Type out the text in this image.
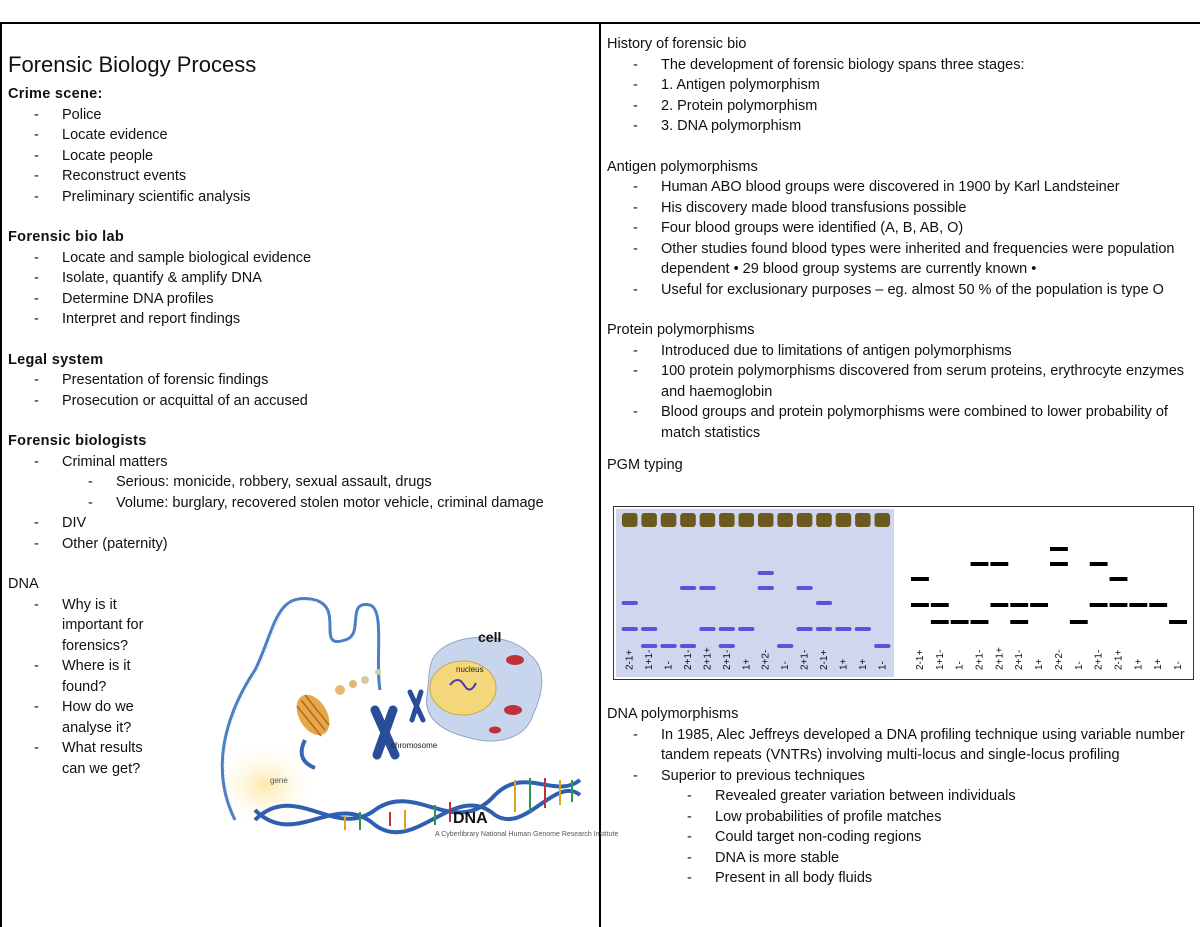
Forensic Biology Process

Crime scene:

- Police
- Locate evidence
- Locate people
- Reconstruct events
- Preliminary scientific analysis

Forensic bio lab

- Locate and sample biological evidence
- Isolate, quantify & amplify DNA
- Determine DNA profiles
- Interpret and report findings

Legal system

- Presentation of forensic findings
- Prosecution or acquittal of an accused

Forensic biologists

- Criminal matters
- Serious: monicide, robbery, sexual assault, drugs
- Volume: burglary, recovered stolen motor vehicle, criminal damage
- DIV
- Other (paternity)

DNA

- Why is it important for forensics?
- Where is it found?
- How do we analyse it?
- What results can we get?
chromosome
cell
nucleus
gene
DNA
A Cyberlibrary National Human Genome Research Institute

History of forensic bio

- The development of forensic biology spans three stages:
- 1. Antigen polymorphism
- 2. Protein polymorphism
- 3. DNA polymorphism

Antigen polymorphisms

- Human ABO blood groups were discovered in 1900 by Karl Landsteiner
- His discovery made blood transfusions possible
- Four blood groups were identified (A, B, AB, O)
- Other studies found blood types were inherited and frequencies were population dependent • 29 blood group systems are currently known •
- Useful for exclusionary purposes – eg. almost 50 % of the population is type O

Protein polymorphisms

- Introduced due to limitations of antigen polymorphisms
- 100 protein polymorphisms discovered from serum proteins, erythrocyte enzymes and haemoglobin
- Blood groups and protein polymorphisms were combined to lower probability of match statistics

PGM typing

2-1+ 1+1- 1- 2+1- 2+1+ 2+1- 1+ 2+2- 1- 2+1- 2-1+ 1+ 1+ 1-	2-1+ 1+1- 1- 2+1- 2+1+ 2+1- 1+ 2+2- 1- 2+1- 2-1+ 1+ 1+ 1-

DNA polymorphisms

- In 1985, Alec Jeffreys developed a DNA profiling technique using variable number tandem repeats (VNTRs) involving multi-locus and single-locus profiling
- Superior to previous techniques
- Revealed greater variation between individuals
- Low probabilities of profile matches
- Could target non-coding regions
- DNA is more stable
- Present in all body fluids
